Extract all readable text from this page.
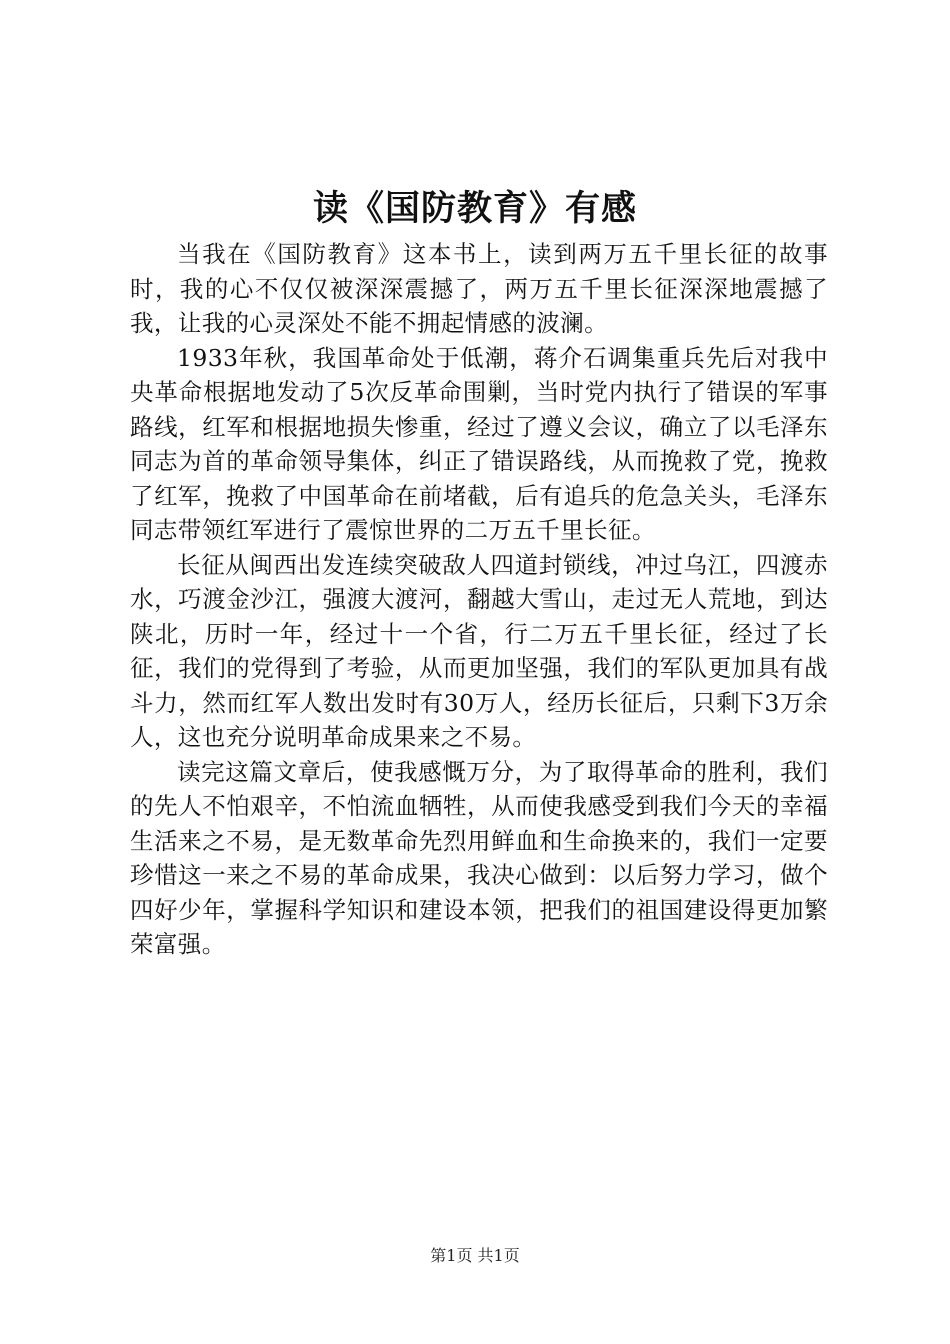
读《国防教育》有感

当我在《国防教育》这本书上，读到两万五千里长征的故事时，我的心不仅仅被深深震撼了，两万五千里长征深深地震撼了我，让我的心灵深处不能不拥起情感的波澜。

1933年秋，我国革命处于低潮，蒋介石调集重兵先后对我中央革命根据地发动了5次反革命围剿，当时党内执行了错误的军事路线，红军和根据地损失惨重，经过了遵义会议，确立了以毛泽东同志为首的革命领导集体，纠正了错误路线，从而挽救了党，挽救了红军，挽救了中国革命在前堵截，后有追兵的危急关头，毛泽东同志带领红军进行了震惊世界的二万五千里长征。

长征从闽西出发连续突破敌人四道封锁线，冲过乌江，四渡赤水，巧渡金沙江，强渡大渡河，翻越大雪山，走过无人荒地，到达陕北，历时一年，经过十一个省，行二万五千里长征，经过了长征，我们的党得到了考验，从而更加坚强，我们的军队更加具有战斗力，然而红军人数出发时有30万人，经历长征后，只剩下3万余人，这也充分说明革命成果来之不易。

读完这篇文章后，使我感慨万分，为了取得革命的胜利，我们的先人不怕艰辛，不怕流血牺牲，从而使我感受到我们今天的幸福生活来之不易，是无数革命先烈用鲜血和生命换来的，我们一定要珍惜这一来之不易的革命成果，我决心做到：以后努力学习，做个四好少年，掌握科学知识和建设本领，把我们的祖国建设得更加繁荣富强。

第1页 共1页
